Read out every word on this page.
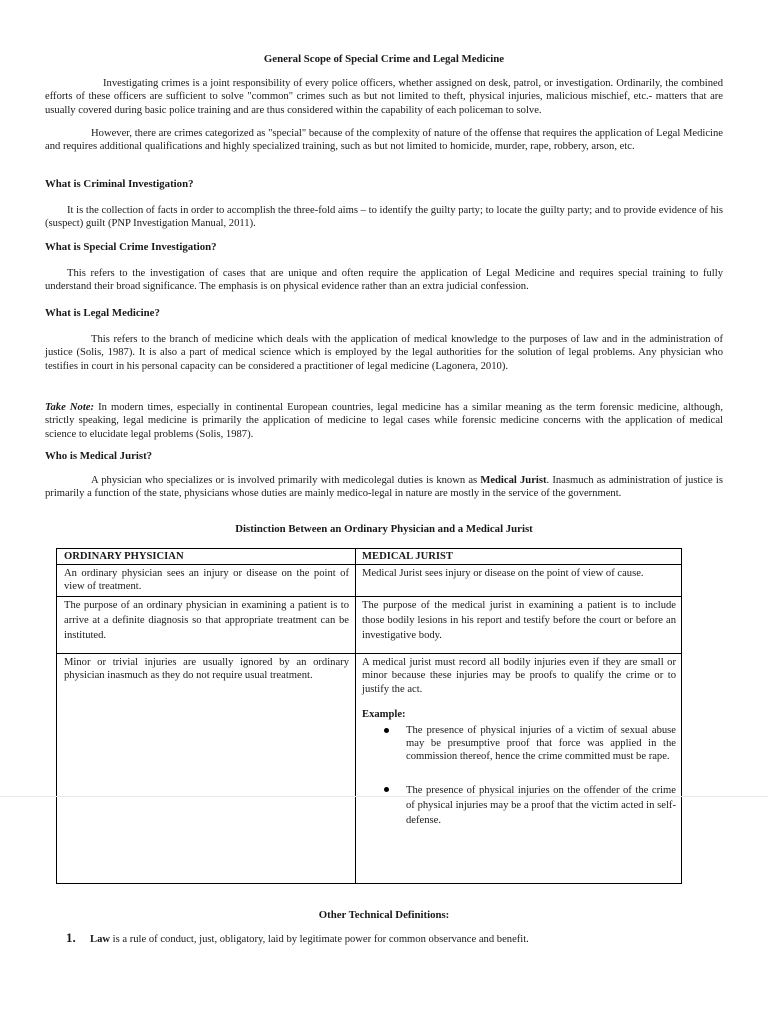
General Scope of Special Crime and Legal Medicine

Investigating crimes is a joint responsibility of every police officers, whether assigned on desk, patrol, or investigation. Ordinarily, the combined efforts of these officers are sufficient to solve "common" crimes such as but not limited to theft, physical injuries, malicious mischief, etc.- matters that are usually covered during basic police training and are thus considered within the capability of each policeman to solve.

However, there are crimes categorized as "special" because of the complexity of nature of the offense that requires the application of Legal Medicine and requires additional qualifications and highly specialized training, such as but not limited to homicide, murder, rape, robbery, arson, etc.

What is Criminal Investigation?

It is the collection of facts in order to accomplish the three-fold aims – to identify the guilty party; to locate the guilty party; and to provide evidence of his (suspect) guilt (PNP Investigation Manual, 2011).

What is Special Crime Investigation?

This refers to the investigation of cases that are unique and often require the application of Legal Medicine and requires special training to fully understand their broad significance. The emphasis is on physical evidence rather than an extra judicial confession.

What is Legal Medicine?

This refers to the branch of medicine which deals with the application of medical knowledge to the purposes of law and in the administration of justice (Solis, 1987). It is also a part of medical science which is employed by the legal authorities for the solution of legal problems. Any physician who testifies in court in his personal capacity can be considered a practitioner of legal medicine (Lagonera, 2010).

Take Note: In modern times, especially in continental European countries, legal medicine has a similar meaning as the term forensic medicine, although, strictly speaking, legal medicine is primarily the application of medicine to legal cases while forensic medicine concerns with the application of medical science to elucidate legal problems (Solis, 1987).

Who is Medical Jurist?

A physician who specializes or is involved primarily with medicolegal duties is known as Medical Jurist. Inasmuch as administration of justice is primarily a function of the state, physicians whose duties are mainly medico-legal in nature are mostly in the service of the government.

Distinction Between an Ordinary Physician and a Medical Jurist
ORDINARY PHYSICIAN	MEDICAL JURIST
An ordinary physician sees an injury or disease on the point of view of treatment.
Medical Jurist sees injury or disease on the point of view of cause.
The purpose of an ordinary physician in examining a patient is to arrive at a definite diagnosis so that appropriate treatment can be instituted.
The purpose of the medical jurist in examining a patient is to include those bodily lesions in his report and testify before the court or before an investigative body.
Minor or trivial injuries are usually ignored by an ordinary physician inasmuch as they do not require usual treatment.
A medical jurist must record all bodily injuries even if they are small or minor because these injuries may be proofs to qualify the crime or to justify the act.
Example:
The presence of physical injuries of a victim of sexual abuse may be presumptive proof that force was applied in the commission thereof, hence the crime committed must be rape.
The presence of physical injuries on the offender of the crime of physical injuries may be a proof that the victim acted in self- defense.
Other Technical Definitions:
1. Law is a rule of conduct, just, obligatory, laid by legitimate power for common observance and benefit.
